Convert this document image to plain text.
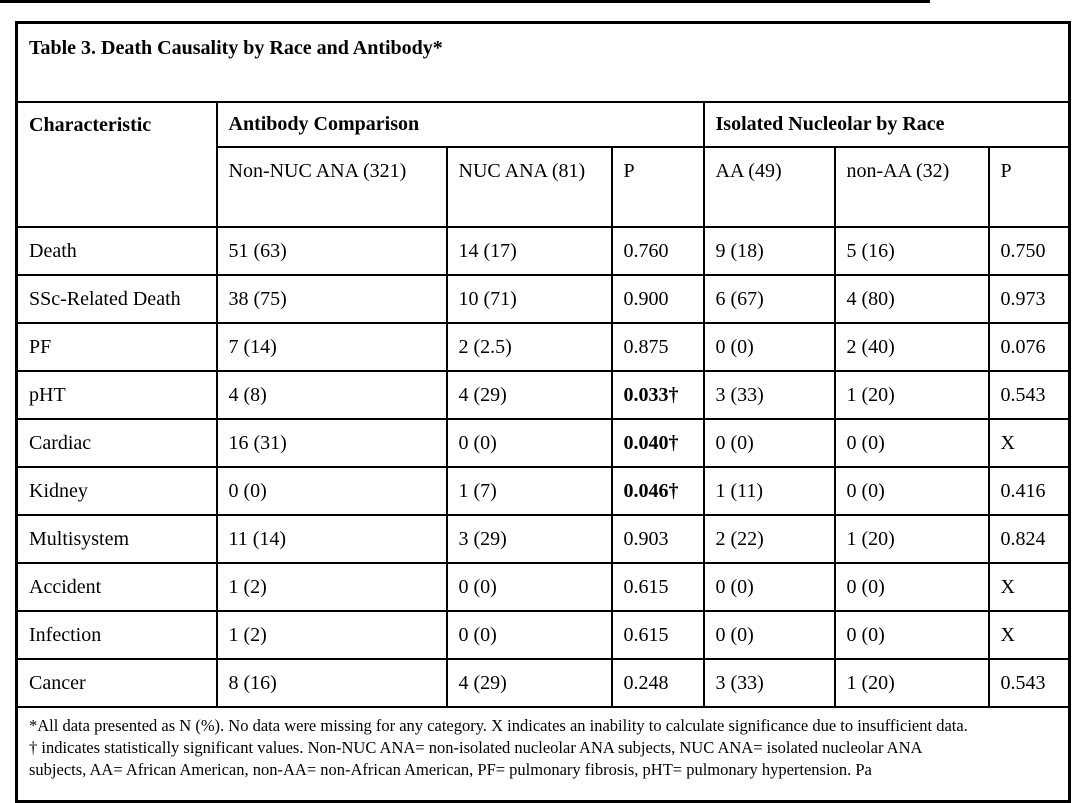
Table 3. Death Causality by Race and Antibody*						
Characteristic	Antibody Comparison			Isolated Nucleolar by Race		
	Non-NUC ANA (321)	NUC ANA (81)	P	AA (49)	non-AA (32)	P
Death	51 (63)	14 (17)	0.760	9 (18)	5 (16)	0.750
SSc-Related Death	38 (75)	10 (71)	0.900	6 (67)	4 (80)	0.973
PF	7 (14)	2 (2.5)	0.875	0 (0)	2 (40)	0.076
pHT	4 (8)	4 (29)	0.033†	3 (33)	1 (20)	0.543
Cardiac	16 (31)	0 (0)	0.040†	0 (0)	0 (0)	X
Kidney	0 (0)	1 (7)	0.046†	1 (11)	0 (0)	0.416
Multisystem	11 (14)	3 (29)	0.903	2 (22)	1 (20)	0.824
Accident	1 (2)	0 (0)	0.615	0 (0)	0 (0)	X
Infection	1 (2)	0 (0)	0.615	0 (0)	0 (0)	X
Cancer	8 (16)	4 (29)	0.248	3 (33)	1 (20)	0.543

*All data presented as N (%). No data were missing for any category. X indicates an inability to calculate significance due to insufficient data.
† indicates statistically significant values. Non-NUC ANA= non-isolated nucleolar ANA subjects, NUC ANA= isolated nucleolar ANA
subjects, AA= African American, non-AA= non-African American, PF= pulmonary fibrosis, pHT= pulmonary hypertension. Pa						
